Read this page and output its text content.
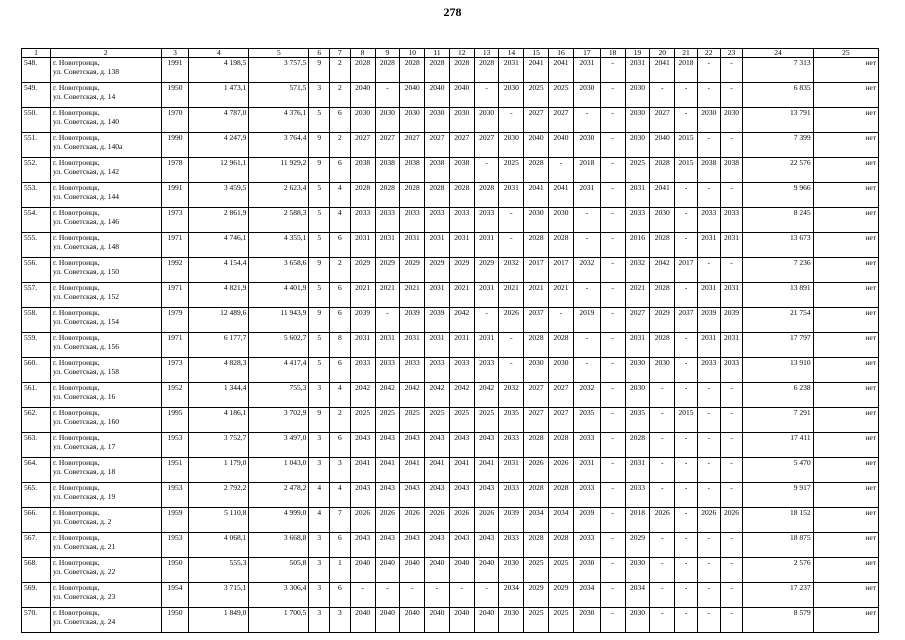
278
1	2	3	4	5	6	7	8	9	10	11	12	13	14	15	16	17	18	19	20	21	22	23	24	25
548.	г. Новотроицк,
ул. Советская, д. 138	1991	4 198,5	3 757,5	9	2	2028	2028	2028	2028	2028	2028	2031	2041	2041	2031	-	2031	2041	2018	-	-	7 313	нет
549.	г. Новотроицк,
ул. Советская, д. 14	1950	1 473,1	571,5	3	2	2040	-	2040	2040	2040	-	2030	2025	2025	2030	-	2030	-	-	-	-	6 835	нет
550.	г. Новотроицк,
ул. Советская, д. 140	1970	4 787,0	4 376,1	5	6	2030	2030	2030	2030	2030	2030	-	2027	2027	-	-	2030	2027	-	2030	2030	13 791	нет
551.	г. Новотроицк,
ул. Советская, д. 140а	1990	4 247,9	3 764,4	9	2	2027	2027	2027	2027	2027	2027	2030	2040	2040	2030	-	2030	2040	2015	-	-	7 399	нет
552.	г. Новотроицк,
ул. Советская, д. 142	1978	12 961,1	11 929,2	9	6	2038	2038	2038	2038	2038	-	2025	2028	-	2018	-	2025	2028	2015	2038	2038	22 576	нет
553.	г. Новотроицк,
ул. Советская, д. 144	1991	3 459,5	2 623,4	5	4	2028	2028	2028	2028	2028	2028	2031	2041	2041	2031	-	2031	2041	-	-	-	9 966	нет
554.	г. Новотроицк,
ул. Советская, д. 146	1973	2 861,9	2 588,3	5	4	2033	2033	2033	2033	2033	2033	-	2030	2030	-	-	2033	2030	-	2033	2033	8 245	нет
555.	г. Новотроицк,
ул. Советская, д. 148	1971	4 746,1	4 355,1	5	6	2031	2031	2031	2031	2031	2031	-	2028	2028	-	-	2016	2028	-	2031	2031	13 673	нет
556.	г. Новотроицк,
ул. Советская, д. 150	1992	4 154,4	3 658,6	9	2	2029	2029	2029	2029	2029	2029	2032	2017	2017	2032	-	2032	2042	2017	-	-	7 236	нет
557.	г. Новотроицк,
ул. Советская, д. 152	1971	4 821,9	4 401,9	5	6	2021	2021	2021	2031	2021	2031	2021	2021	2021	-	-	2021	2028	-	2031	2031	13 891	нет
558.	г. Новотроицк,
ул. Советская, д. 154	1979	12 489,6	11 943,9	9	6	2039	-	2039	2039	2042	-	2026	2037	-	2019	-	2027	2029	2037	2039	2039	21 754	нет
559.	г. Новотроицк,
ул. Советская, д. 156	1971	6 177,7	5 602,7	5	8	2031	2031	2031	2031	2031	2031	-	2028	2028	-	-	2031	2028	-	2031	2031	17 797	нет
560.	г. Новотроицк,
ул. Советская, д. 158	1973	4 828,3	4 417,4	5	6	2033	2033	2033	2033	2033	2033	-	2030	2030	-	-	2030	2030	-	2033	2033	13 910	нет
561.	г. Новотроицк,
ул. Советская, д. 16	1952	1 344,4	755,3	3	4	2042	2042	2042	2042	2042	2042	2032	2027	2027	2032	-	2030	-	-	-	-	6 238	нет
562.	г. Новотроицк,
ул. Советская, д. 160	1995	4 186,1	3 702,9	9	2	2025	2025	2025	2025	2025	2025	2035	2027	2027	2035	-	2035	-	2015	-	-	7 291	нет
563.	г. Новотроицк,
ул. Советская, д. 17	1953	3 752,7	3 497,0	3	6	2043	2043	2043	2043	2043	2043	2033	2028	2028	2033	-	2028	-	-	-	-	17 411	нет
564.	г. Новотроицк,
ул. Советская, д. 18	1951	1 179,0	1 043,0	3	3	2041	2041	2041	2041	2041	2041	2031	2026	2026	2031	-	2031	-	-	-	-	5 470	нет
565.	г. Новотроицк,
ул. Советская, д. 19	1953	2 792,2	2 478,2	4	4	2043	2043	2043	2043	2043	2043	2033	2028	2028	2033	-	2033	-	-	-	-	9 917	нет
566.	г. Новотроицк,
ул. Советская, д. 2	1959	5 110,8	4 999,0	4	7	2026	2026	2026	2026	2026	2026	2039	2034	2034	2039	-	2018	2026	-	2026	2026	18 152	нет
567.	г. Новотроицк,
ул. Советская, д. 21	1953	4 068,1	3 668,8	3	6	2043	2043	2043	2043	2043	2043	2033	2028	2028	2033	-	2029	-	-	-	-	18 875	нет
568.	г. Новотроицк,
ул. Советская, д. 22	1950	555,3	505,8	3	1	2040	2040	2040	2040	2040	2040	2030	2025	2025	2030	-	2030	-	-	-	-	2 576	нет
569.	г. Новотроицк,
ул. Советская, д. 23	1954	3 715,1	3 306,4	3	6	-	-	-	-	-	-	2034	2029	2029	2034	-	2034	-	-	-	-	17 237	нет
570.	г. Новотроицк,
ул. Советская, д. 24	1950	1 849,0	1 700,5	3	3	2040	2040	2040	2040	2040	2040	2030	2025	2025	2030	-	2030	-	-	-	-	8 579	нет
